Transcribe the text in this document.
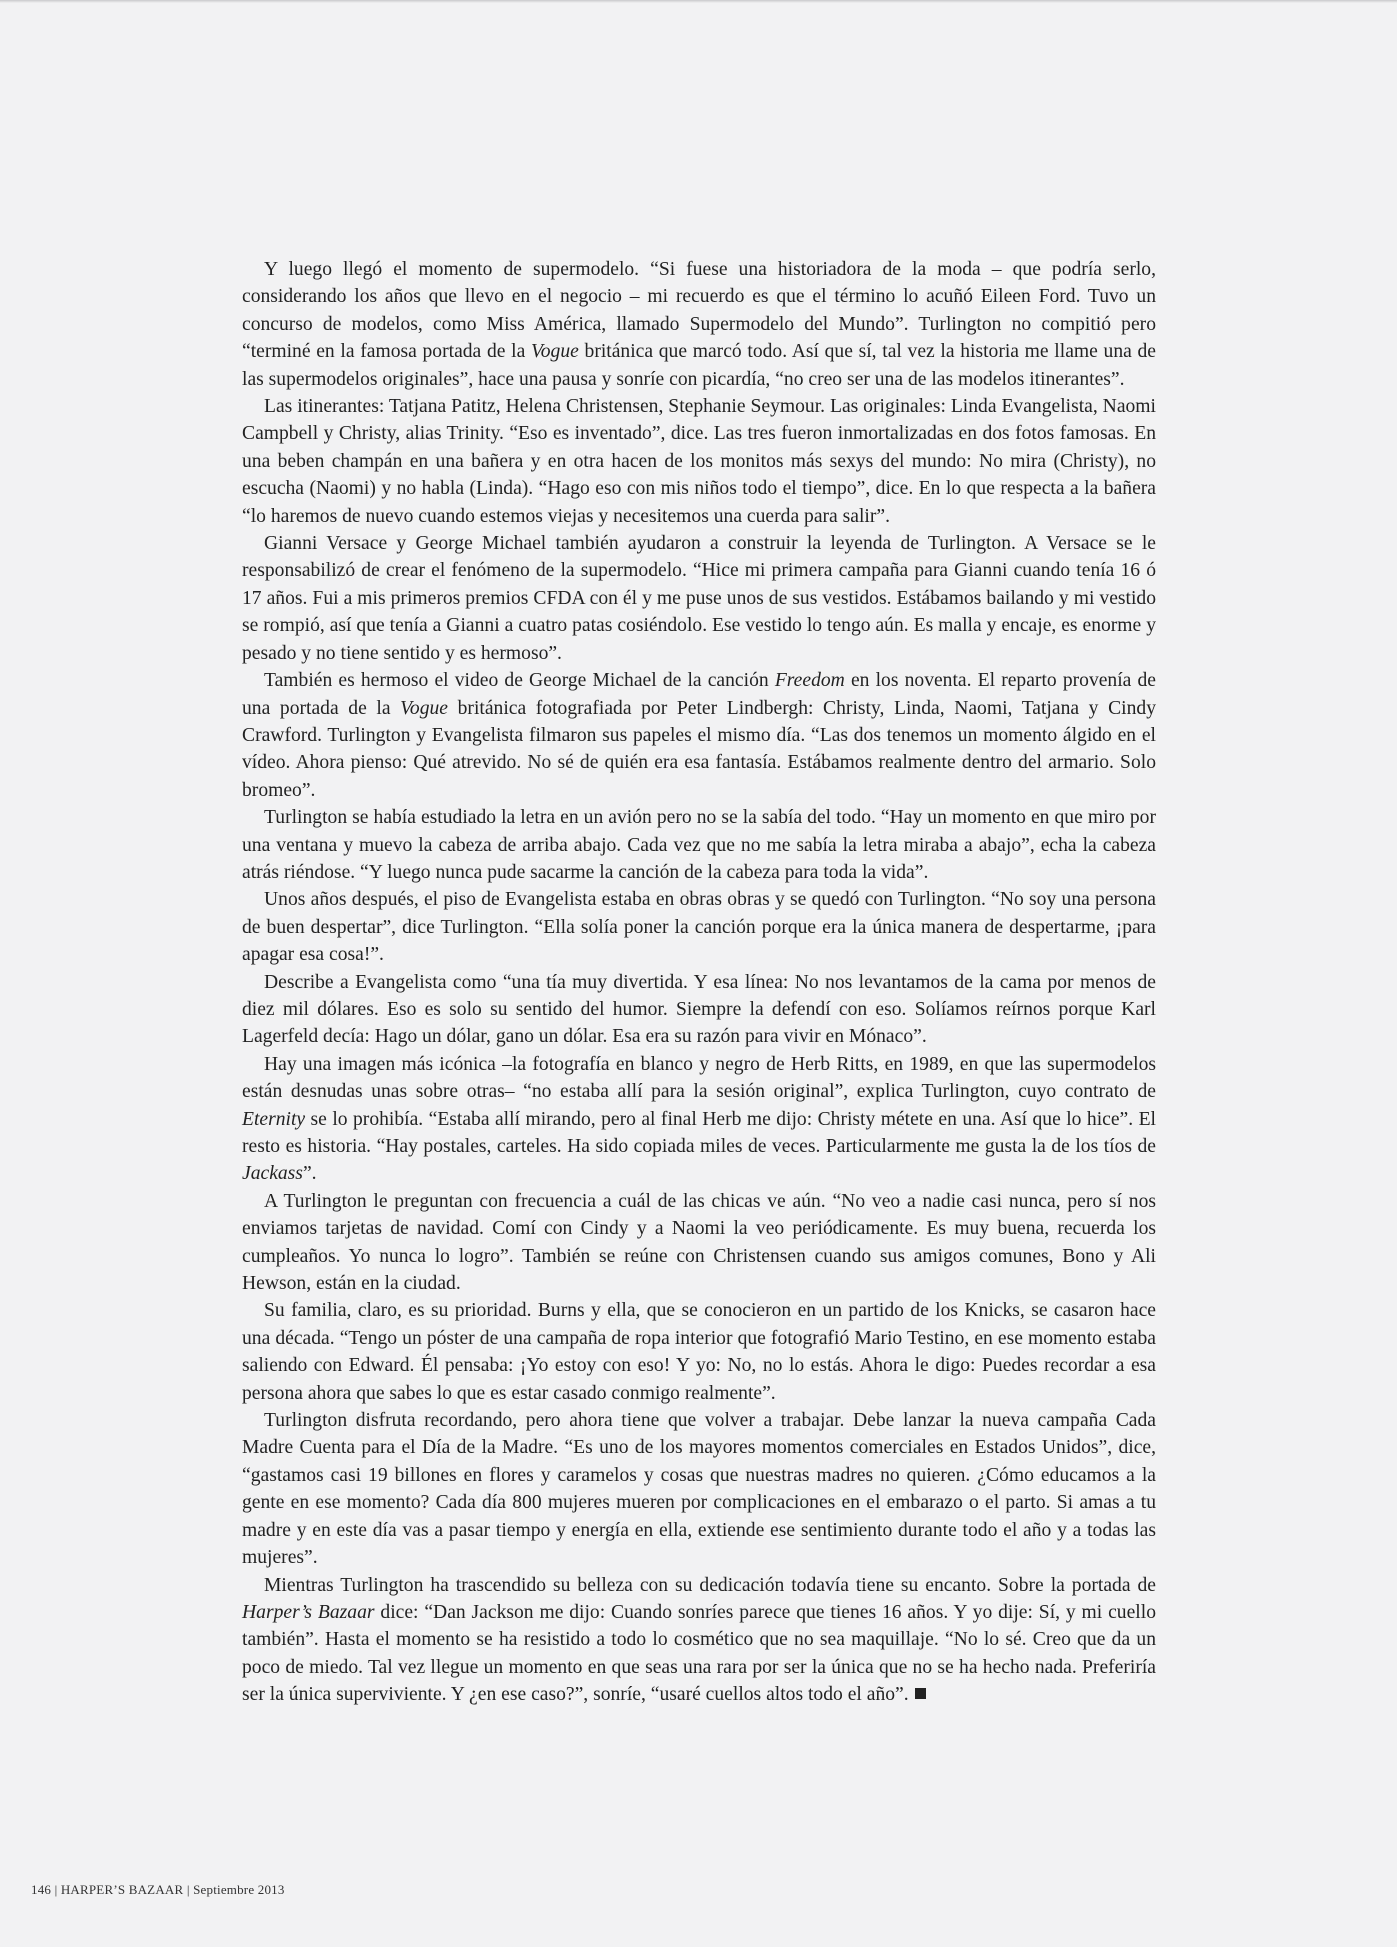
Y luego llegó el momento de supermodelo. “Si fuese una historiadora de la moda – que podría serlo, considerando los años que llevo en el negocio – mi recuerdo es que el término lo acuñó Eileen Ford. Tuvo un concurso de modelos, como Miss América, llamado Supermodelo del Mundo”. Turlington no compitió pero “terminé en la famosa portada de la Vogue británica que marcó todo. Así que sí, tal vez la historia me llame una de las supermodelos originales”, hace una pausa y sonríe con picardía, “no creo ser una de las modelos itinerantes”.

Las itinerantes: Tatjana Patitz, Helena Christensen, Stephanie Seymour. Las originales: Linda Evangelista, Naomi Campbell y Christy, alias Trinity. “Eso es inventado”, dice. Las tres fueron inmortalizadas en dos fotos famosas. En una beben champán en una bañera y en otra hacen de los monitos más sexys del mundo: No mira (Christy), no escucha (Naomi) y no habla (Linda). “Hago eso con mis niños todo el tiempo”, dice. En lo que respecta a la bañera “lo haremos de nuevo cuando estemos viejas y necesitemos una cuerda para salir”.

Gianni Versace y George Michael también ayudaron a construir la leyenda de Turlington. A Versace se le responsabilizó de crear el fenómeno de la supermodelo. “Hice mi primera campaña para Gianni cuando tenía 16 ó 17 años. Fui a mis primeros premios CFDA con él y me puse unos de sus vestidos. Estábamos bailando y mi vestido se rompió, así que tenía a Gianni a cuatro patas cosiéndolo. Ese vestido lo tengo aún. Es malla y encaje, es enorme y pesado y no tiene sentido y es hermoso”.

También es hermoso el video de George Michael de la canción Freedom en los noventa. El reparto provenía de una portada de la Vogue británica fotografiada por Peter Lindbergh: Christy, Linda, Naomi, Tatjana y Cindy Crawford. Turlington y Evangelista filmaron sus papeles el mismo día. “Las dos tenemos un momento álgido en el vídeo. Ahora pienso: Qué atrevido. No sé de quién era esa fantasía. Estábamos realmente dentro del armario. Solo bromeo”.

Turlington se había estudiado la letra en un avión pero no se la sabía del todo. “Hay un momento en que miro por una ventana y muevo la cabeza de arriba abajo. Cada vez que no me sabía la letra miraba a abajo”, echa la cabeza atrás riéndose. “Y luego nunca pude sacarme la canción de la cabeza para toda la vida”.

Unos años después, el piso de Evangelista estaba en obras obras y se quedó con Turlington. “No soy una persona de buen despertar”, dice Turlington. “Ella solía poner la canción porque era la única manera de despertarme, ¡para apagar esa cosa!”.

Describe a Evangelista como “una tía muy divertida. Y esa línea: No nos levantamos de la cama por menos de diez mil dólares. Eso es solo su sentido del humor. Siempre la defendí con eso. Solíamos reírnos porque Karl Lagerfeld decía: Hago un dólar, gano un dólar. Esa era su razón para vivir en Mónaco”.

Hay una imagen más icónica –la fotografía en blanco y negro de Herb Ritts, en 1989, en que las supermodelos están desnudas unas sobre otras– “no estaba allí para la sesión original”, explica Turlington, cuyo contrato de Eternity se lo prohibía. “Estaba allí mirando, pero al final Herb me dijo: Christy métete en una. Así que lo hice”. El resto es historia. “Hay postales, carteles. Ha sido copiada miles de veces. Particularmente me gusta la de los tíos de Jackass”.

A Turlington le preguntan con frecuencia a cuál de las chicas ve aún. “No veo a nadie casi nunca, pero sí nos enviamos tarjetas de navidad. Comí con Cindy y a Naomi la veo periódicamente. Es muy buena, recuerda los cumpleaños. Yo nunca lo logro”. También se reúne con Christensen cuando sus amigos comunes, Bono y Ali Hewson, están en la ciudad.

Su familia, claro, es su prioridad. Burns y ella, que se conocieron en un partido de los Knicks, se casaron hace una década. “Tengo un póster de una campaña de ropa interior que fotografió Mario Testino, en ese momento estaba saliendo con Edward. Él pensaba: ¡Yo estoy con eso! Y yo: No, no lo estás. Ahora le digo: Puedes recordar a esa persona ahora que sabes lo que es estar casado conmigo realmente”.

Turlington disfruta recordando, pero ahora tiene que volver a trabajar. Debe lanzar la nueva campaña Cada Madre Cuenta para el Día de la Madre. “Es uno de los mayores momentos comerciales en Estados Unidos”, dice, “gastamos casi 19 billones en flores y caramelos y cosas que nuestras madres no quieren. ¿Cómo educamos a la gente en ese momento? Cada día 800 mujeres mueren por complicaciones en el embarazo o el parto. Si amas a tu madre y en este día vas a pasar tiempo y energía en ella, extiende ese sentimiento durante todo el año y a todas las mujeres”.

Mientras Turlington ha trascendido su belleza con su dedicación todavía tiene su encanto. Sobre la portada de Harper’s Bazaar dice: “Dan Jackson me dijo: Cuando sonríes parece que tienes 16 años. Y yo dije: Sí, y mi cuello también”. Hasta el momento se ha resistido a todo lo cosmético que no sea maquillaje. “No lo sé. Creo que da un poco de miedo. Tal vez llegue un momento en que seas una rara por ser la única que no se ha hecho nada. Preferiría ser la única superviviente. Y ¿en ese caso?”, sonríe, “usaré cuellos altos todo el año”.

146 | HARPER’S BAZAAR | Septiembre 2013
